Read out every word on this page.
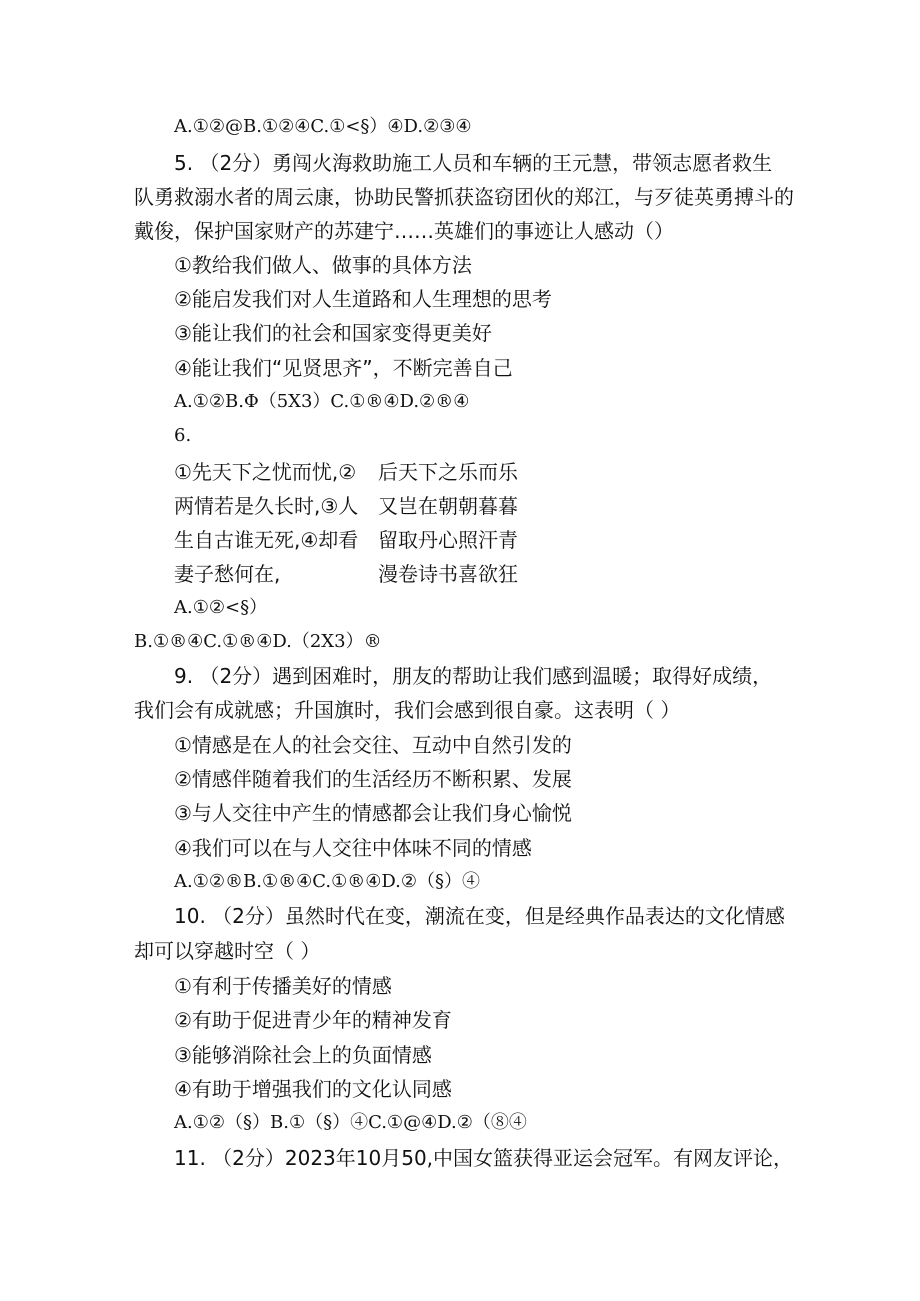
A.①②@B.①②④C.①<§）④D.②③④
5. （2分）勇闯火海救助施工人员和车辆的王元慧，带领志愿者救生
队勇救溺水者的周云康，协助民警抓获盗窃团伙的郑江，与歹徒英勇搏斗的
戴俊，保护国家财产的苏建宁……英雄们的事迹让人感动（）
①教给我们做人、做事的具体方法
②能启发我们对人生道路和人生理想的思考
③能让我们的社会和国家变得更美好
④能让我们“见贤思齐”，不断完善自己
A.①②B.Φ（5X3）C.①®④D.②®④
6.
①先天下之忧而忧,②
两情若是久长时,③人
生自古谁无死,④却看
妻子愁何在,
后天下之乐而乐
又岂在朝朝暮暮
留取丹心照汗青
漫卷诗书喜欲狂
A.①②<§）
B.①®④C.①®④D.（2X3）®
9. （2分）遇到困难时，朋友的帮助让我们感到温暖；取得好成绩，
我们会有成就感；升国旗时，我们会感到很自豪。这表明（ ）
①情感是在人的社会交往、互动中自然引发的
②情感伴随着我们的生活经历不断积累、发展
③与人交往中产生的情感都会让我们身心愉悦
④我们可以在与人交往中体味不同的情感
A.①②®B.①®④C.①®④D.②（§）④
10. （2分）虽然时代在变，潮流在变，但是经典作品表达的文化情感
却可以穿越时空（ ）
①有利于传播美好的情感
②有助于促进青少年的精神发育
③能够消除社会上的负面情感
④有助于增强我们的文化认同感
A.①②（§）B.①（§）④C.①@④D.②（⑧④
11. （2分）2023年10月50,中国女篮获得亚运会冠军。有网友评论，
